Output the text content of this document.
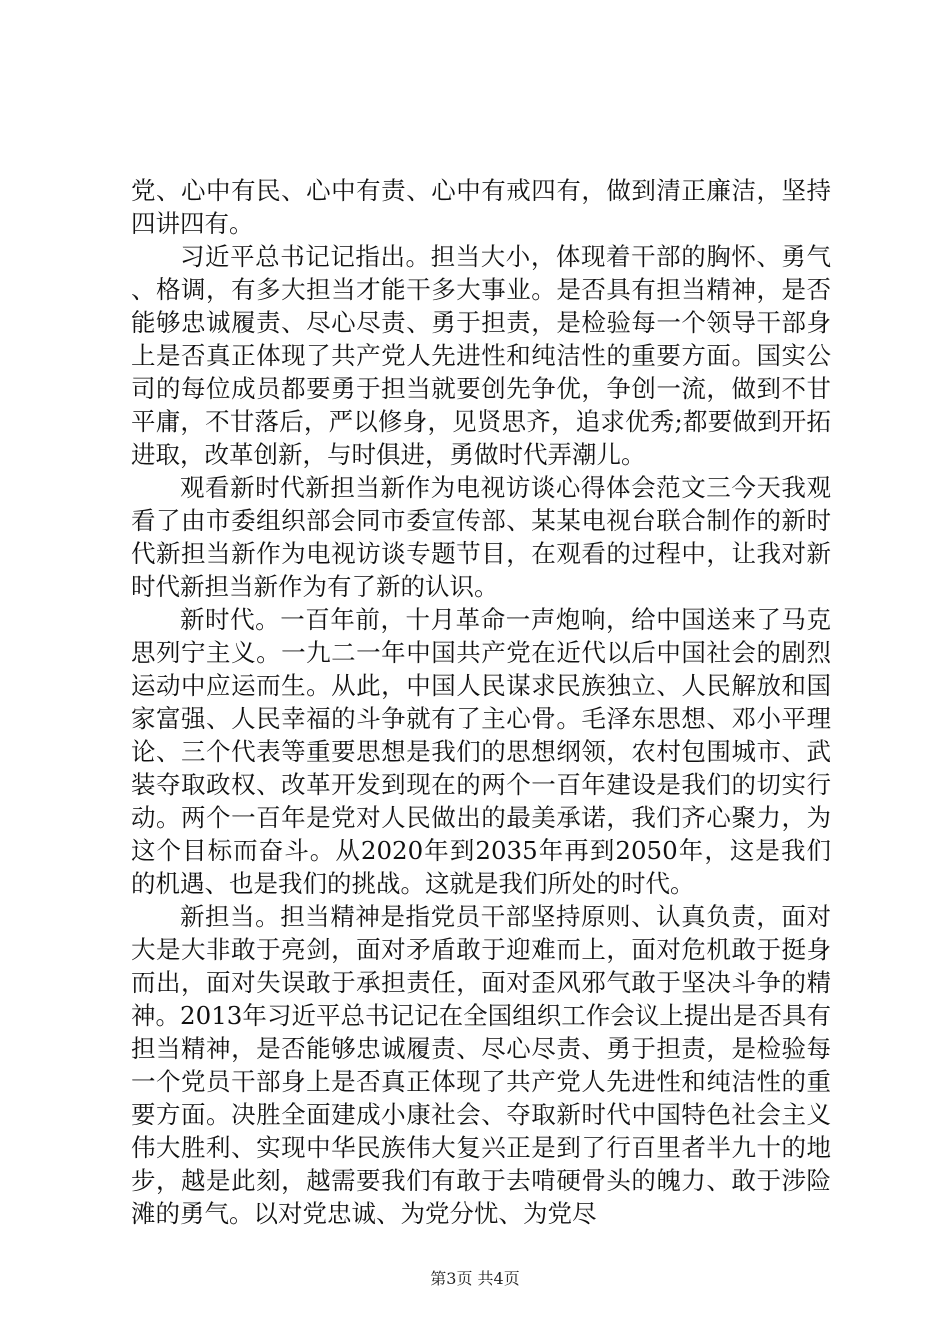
党、心中有民、心中有责、心中有戒四有，做到清正廉洁，坚持四讲四有。

习近平总书记记指出。担当大小，体现着干部的胸怀、勇气、格调，有多大担当才能干多大事业。是否具有担当精神，是否能够忠诚履责、尽心尽责、勇于担责，是检验每一个领导干部身上是否真正体现了共产党人先进性和纯洁性的重要方面。国实公司的每位成员都要勇于担当就要创先争优，争创一流，做到不甘平庸，不甘落后，严以修身，见贤思齐，追求优秀;都要做到开拓进取，改革创新，与时俱进，勇做时代弄潮儿。

观看新时代新担当新作为电视访谈心得体会范文三今天我观看了由市委组织部会同市委宣传部、某某电视台联合制作的新时代新担当新作为电视访谈专题节目，在观看的过程中，让我对新时代新担当新作为有了新的认识。

新时代。一百年前，十月革命一声炮响，给中国送来了马克思列宁主义。一九二一年中国共产党在近代以后中国社会的剧烈运动中应运而生。从此，中国人民谋求民族独立、人民解放和国家富强、人民幸福的斗争就有了主心骨。毛泽东思想、邓小平理论、三个代表等重要思想是我们的思想纲领，农村包围城市、武装夺取政权、改革开发到现在的两个一百年建设是我们的切实行动。两个一百年是党对人民做出的最美承诺，我们齐心聚力，为这个目标而奋斗。从2020年到2035年再到2050年，这是我们的机遇、也是我们的挑战。这就是我们所处的时代。

新担当。担当精神是指党员干部坚持原则、认真负责，面对大是大非敢于亮剑，面对矛盾敢于迎难而上，面对危机敢于挺身而出，面对失误敢于承担责任，面对歪风邪气敢于坚决斗争的精神。2013年习近平总书记记在全国组织工作会议上提出是否具有担当精神，是否能够忠诚履责、尽心尽责、勇于担责，是检验每一个党员干部身上是否真正体现了共产党人先进性和纯洁性的重要方面。决胜全面建成小康社会、夺取新时代中国特色社会主义伟大胜利、实现中华民族伟大复兴正是到了行百里者半九十的地步，越是此刻，越需要我们有敢于去啃硬骨头的魄力、敢于涉险滩的勇气。以对党忠诚、为党分忧、为党尽

第3页 共4页
